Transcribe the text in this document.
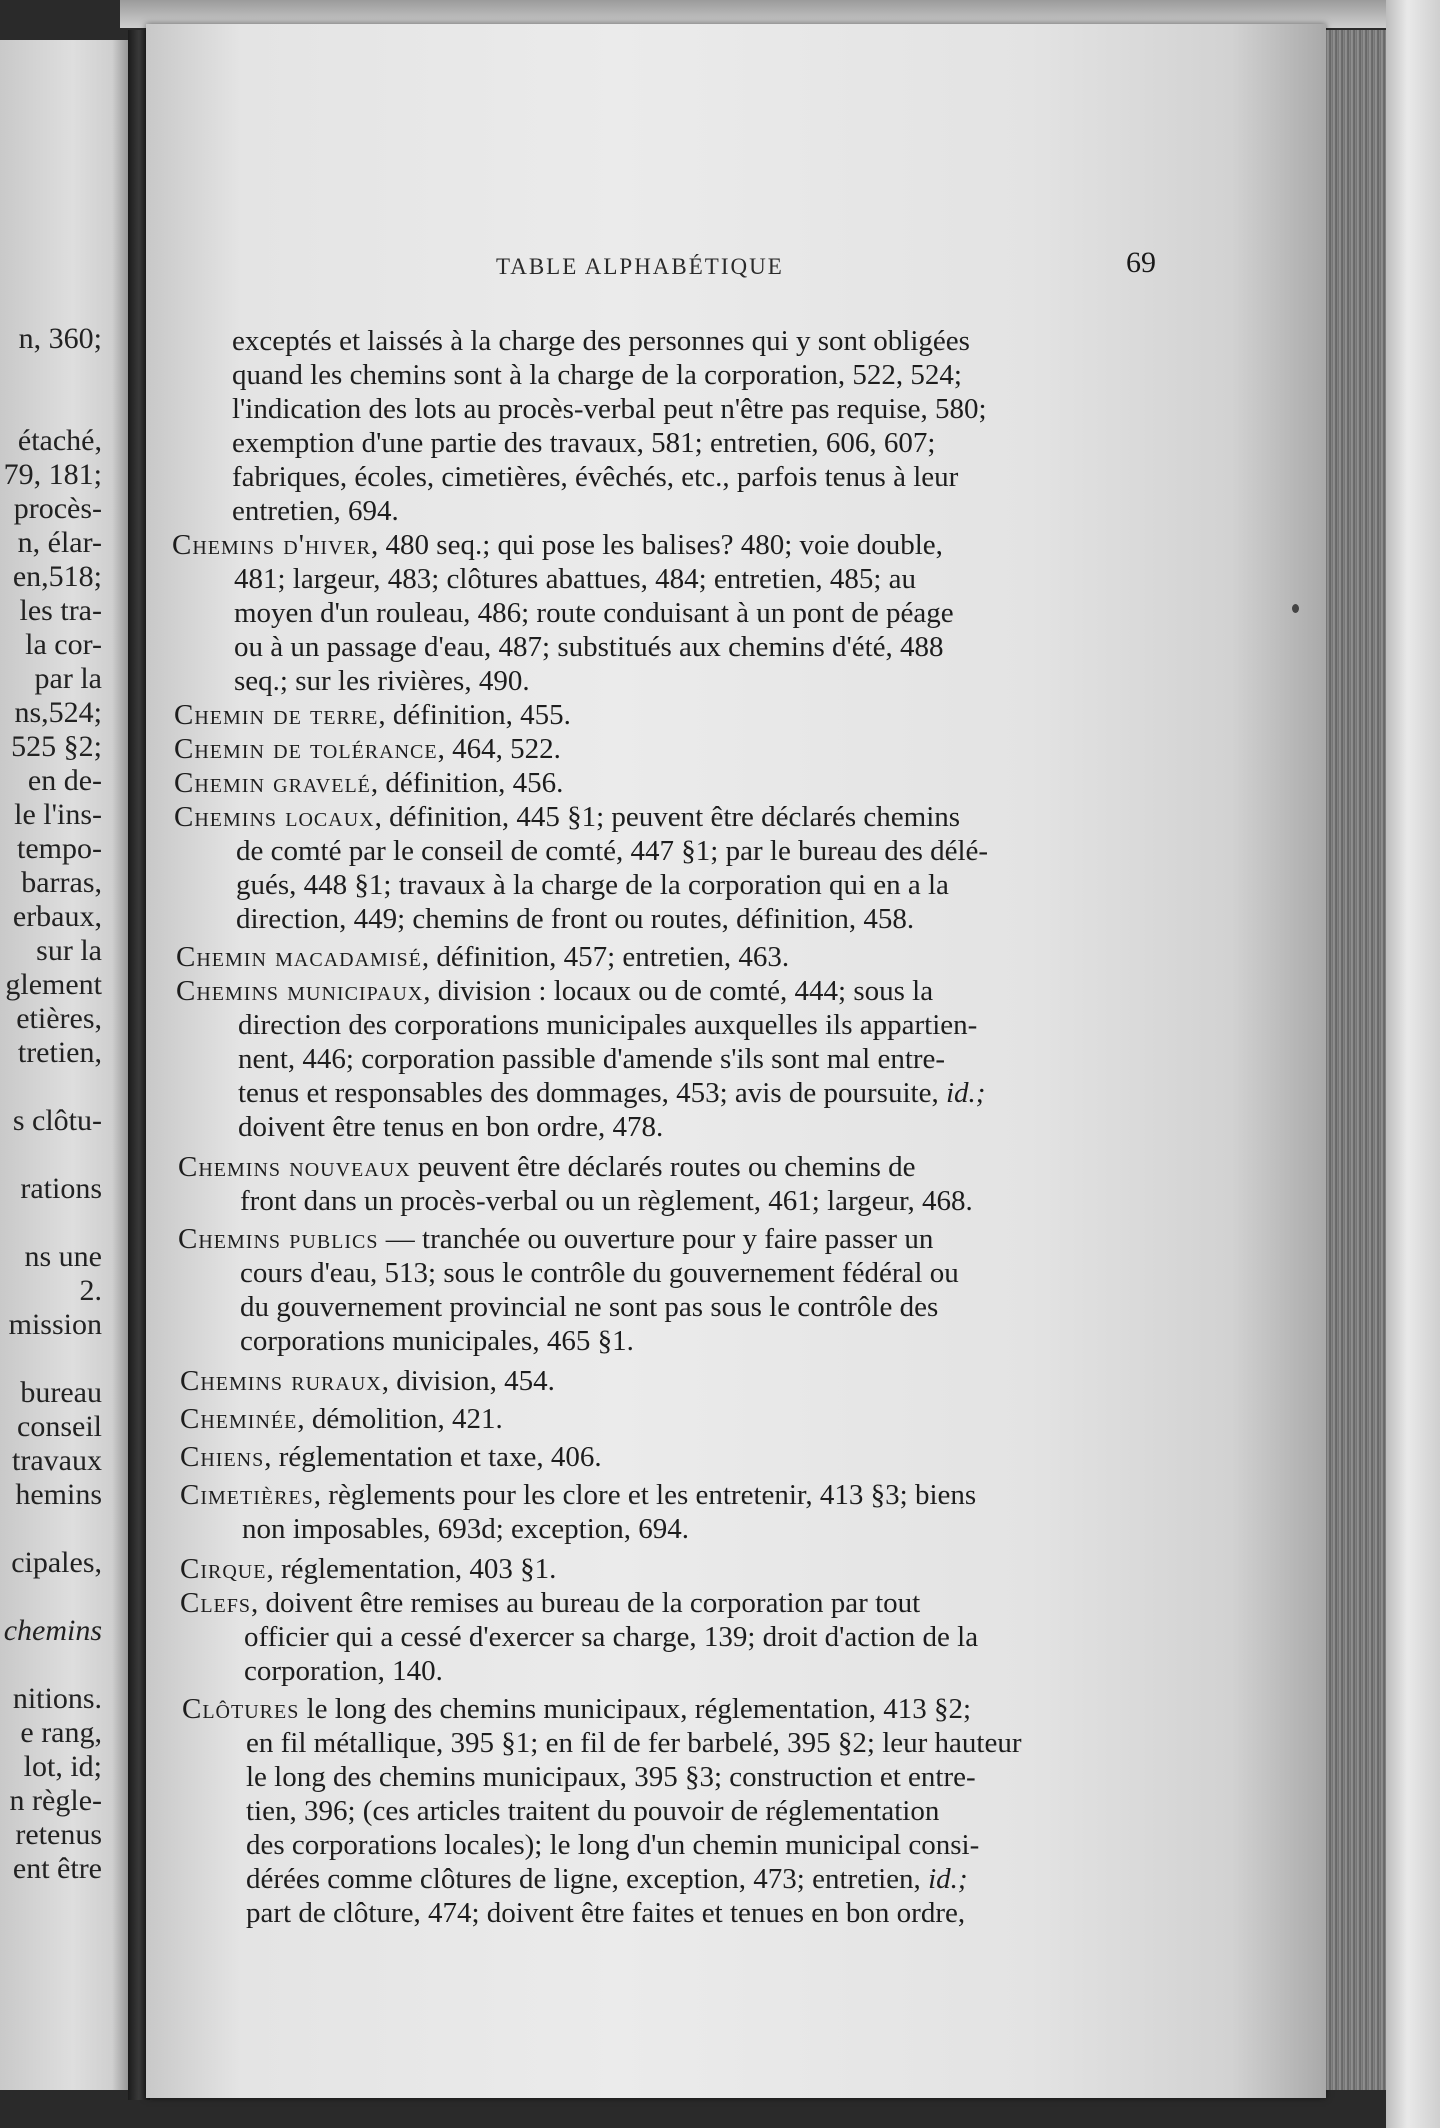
n, 360;
étaché,
79, 181;
procès-
n, élar-
en,518;
les tra-
la cor-
par la
ns,524;
525 §2;
en de-
le l'ins-
tempo-
barras,
erbaux,
sur la
glement
etières,
tretien,
s clôtu-
rations
ns une
2.
mission
bureau
conseil
travaux
hemins
cipales,
chemins
nitions.
e rang,
lot, id;
n règle-
retenus
ent être
TABLE ALPHABÉTIQUE	69
exceptés et laissés à la charge des personnes qui y sont obligées
quand les chemins sont à la charge de la corporation, 522, 524;
l'indication des lots au procès-verbal peut n'être pas requise, 580;
exemption d'une partie des travaux, 581; entretien, 606, 607;
fabriques, écoles, cimetières, évêchés, etc., parfois tenus à leur
entretien, 694.
Chemins d'hiver, 480 seq.; qui pose les balises? 480; voie double,
481; largeur, 483; clôtures abattues, 484; entretien, 485; au
moyen d'un rouleau, 486; route conduisant à un pont de péage
ou à un passage d'eau, 487; substitués aux chemins d'été, 488
seq.; sur les rivières, 490.
Chemin de terre, définition, 455.
Chemin de tolérance, 464, 522.
Chemin gravelé, définition, 456.
Chemins locaux, définition, 445 §1; peuvent être déclarés chemins
de comté par le conseil de comté, 447 §1; par le bureau des délé-
gués, 448 §1; travaux à la charge de la corporation qui en a la
direction, 449; chemins de front ou routes, définition, 458.
Chemin macadamisé, définition, 457; entretien, 463.
Chemins municipaux, division : locaux ou de comté, 444; sous la
direction des corporations municipales auxquelles ils appartien-
nent, 446; corporation passible d'amende s'ils sont mal entre-
tenus et responsables des dommages, 453; avis de poursuite, id.;
doivent être tenus en bon ordre, 478.
Chemins nouveaux peuvent être déclarés routes ou chemins de
front dans un procès-verbal ou un règlement, 461; largeur, 468.
Chemins publics — tranchée ou ouverture pour y faire passer un
cours d'eau, 513; sous le contrôle du gouvernement fédéral ou
du gouvernement provincial ne sont pas sous le contrôle des
corporations municipales, 465 §1.
Chemins ruraux, division, 454.
Cheminée, démolition, 421.
Chiens, réglementation et taxe, 406.
Cimetières, règlements pour les clore et les entretenir, 413 §3; biens
non imposables, 693d; exception, 694.
Cirque, réglementation, 403 §1.
Clefs, doivent être remises au bureau de la corporation par tout
officier qui a cessé d'exercer sa charge, 139; droit d'action de la
corporation, 140.
Clôtures le long des chemins municipaux, réglementation, 413 §2;
en fil métallique, 395 §1; en fil de fer barbelé, 395 §2; leur hauteur
le long des chemins municipaux, 395 §3; construction et entre-
tien, 396; (ces articles traitent du pouvoir de réglementation
des corporations locales); le long d'un chemin municipal consi-
dérées comme clôtures de ligne, exception, 473; entretien, id.;
part de clôture, 474; doivent être faites et tenues en bon ordre,
